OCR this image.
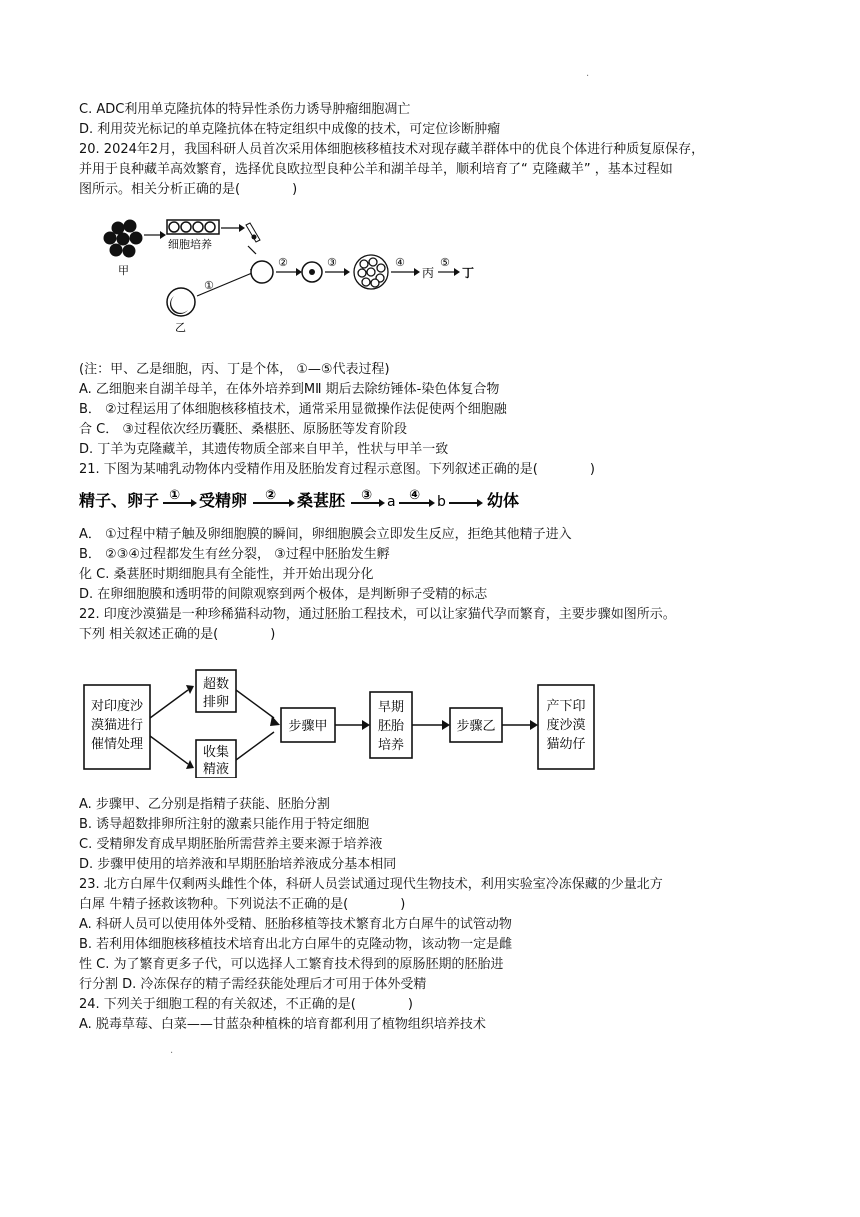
.
C. ADC利用单克隆抗体的特异性杀伤力诱导肿瘤细胞凋亡
D. 利用荧光标记的单克隆抗体在特定组织中成像的技术，可定位诊断肿瘤
20. 2024年2月，我国科研人员首次采用体细胞核移植技术对现存藏羊群体中的优良个体进行种质复原保存，
并用于良种藏羊高效繁育，选择优良欧拉型良种公羊和湖羊母羊，顺利培育了“ 克隆藏羊” ，基本过程如
图所示。相关分析正确的是(　　　　)
甲
细胞培养
乙
①
②	③	④
丙
⑤
丁
(注：甲、乙是细胞，丙、丁是个体， ①—⑤代表过程)
A. 乙细胞来自湖羊母羊，在体外培养到MⅡ 期后去除纺锤体-染色体复合物
B． ②过程运用了体细胞核移植技术，通常采用显微操作法促使两个细胞融
合 C． ③过程依次经历囊胚、桑椹胚、原肠胚等发育阶段
D. 丁羊为克隆藏羊，其遗传物质全部来自甲羊，性状与甲羊一致
21. 下图为某哺乳动物体内受精作用及胚胎发育过程示意图。下列叙述正确的是(　　　　)
精子、卵子 ① 受精卵 ② 桑葚胚 ③ a ④ b	幼体
A． ①过程中精子触及卵细胞膜的瞬间，卵细胞膜会立即发生反应，拒绝其他精子进入
B． ②③④过程都发生有丝分裂， ③过程中胚胎发生孵
化 C. 桑葚胚时期细胞具有全能性，并开始出现分化
D. 在卵细胞膜和透明带的间隙观察到两个极体，是判断卵子受精的标志
22. 印度沙漠猫是一种珍稀猫科动物，通过胚胎工程技术，可以让家猫代孕而繁育，主要步骤如图所示。
下列 相关叙述正确的是(　　　　)
对印度沙
漠猫进行
催情处理
超数
排卵
收集
精液
步骤甲
早期
胚胎
培养
步骤乙
产下印
度沙漠
猫幼仔
A. 步骤甲、乙分别是指精子获能、胚胎分割
B. 诱导超数排卵所注射的激素只能作用于特定细胞
C. 受精卵发育成早期胚胎所需营养主要来源于培养液
D. 步骤甲使用的培养液和早期胚胎培养液成分基本相同
23. 北方白犀牛仅剩两头雌性个体，科研人员尝试通过现代生物技术，利用实验室冷冻保藏的少量北方
白犀 牛精子拯救该物种。下列说法不正确的是(　　　　)
A. 科研人员可以使用体外受精、胚胎移植等技术繁育北方白犀牛的试管动物
B. 若利用体细胞核移植技术培育出北方白犀牛的克隆动物，该动物一定是雌
性 C. 为了繁育更多子代，可以选择人工繁育技术得到的原肠胚期的胚胎进
行分割 D. 冷冻保存的精子需经获能处理后才可用于体外受精
24. 下列关于细胞工程的有关叙述，不正确的是(　　　　)
A. 脱毒草莓、白菜——甘蓝杂种植株的培育都利用了植物组织培养技术
.
